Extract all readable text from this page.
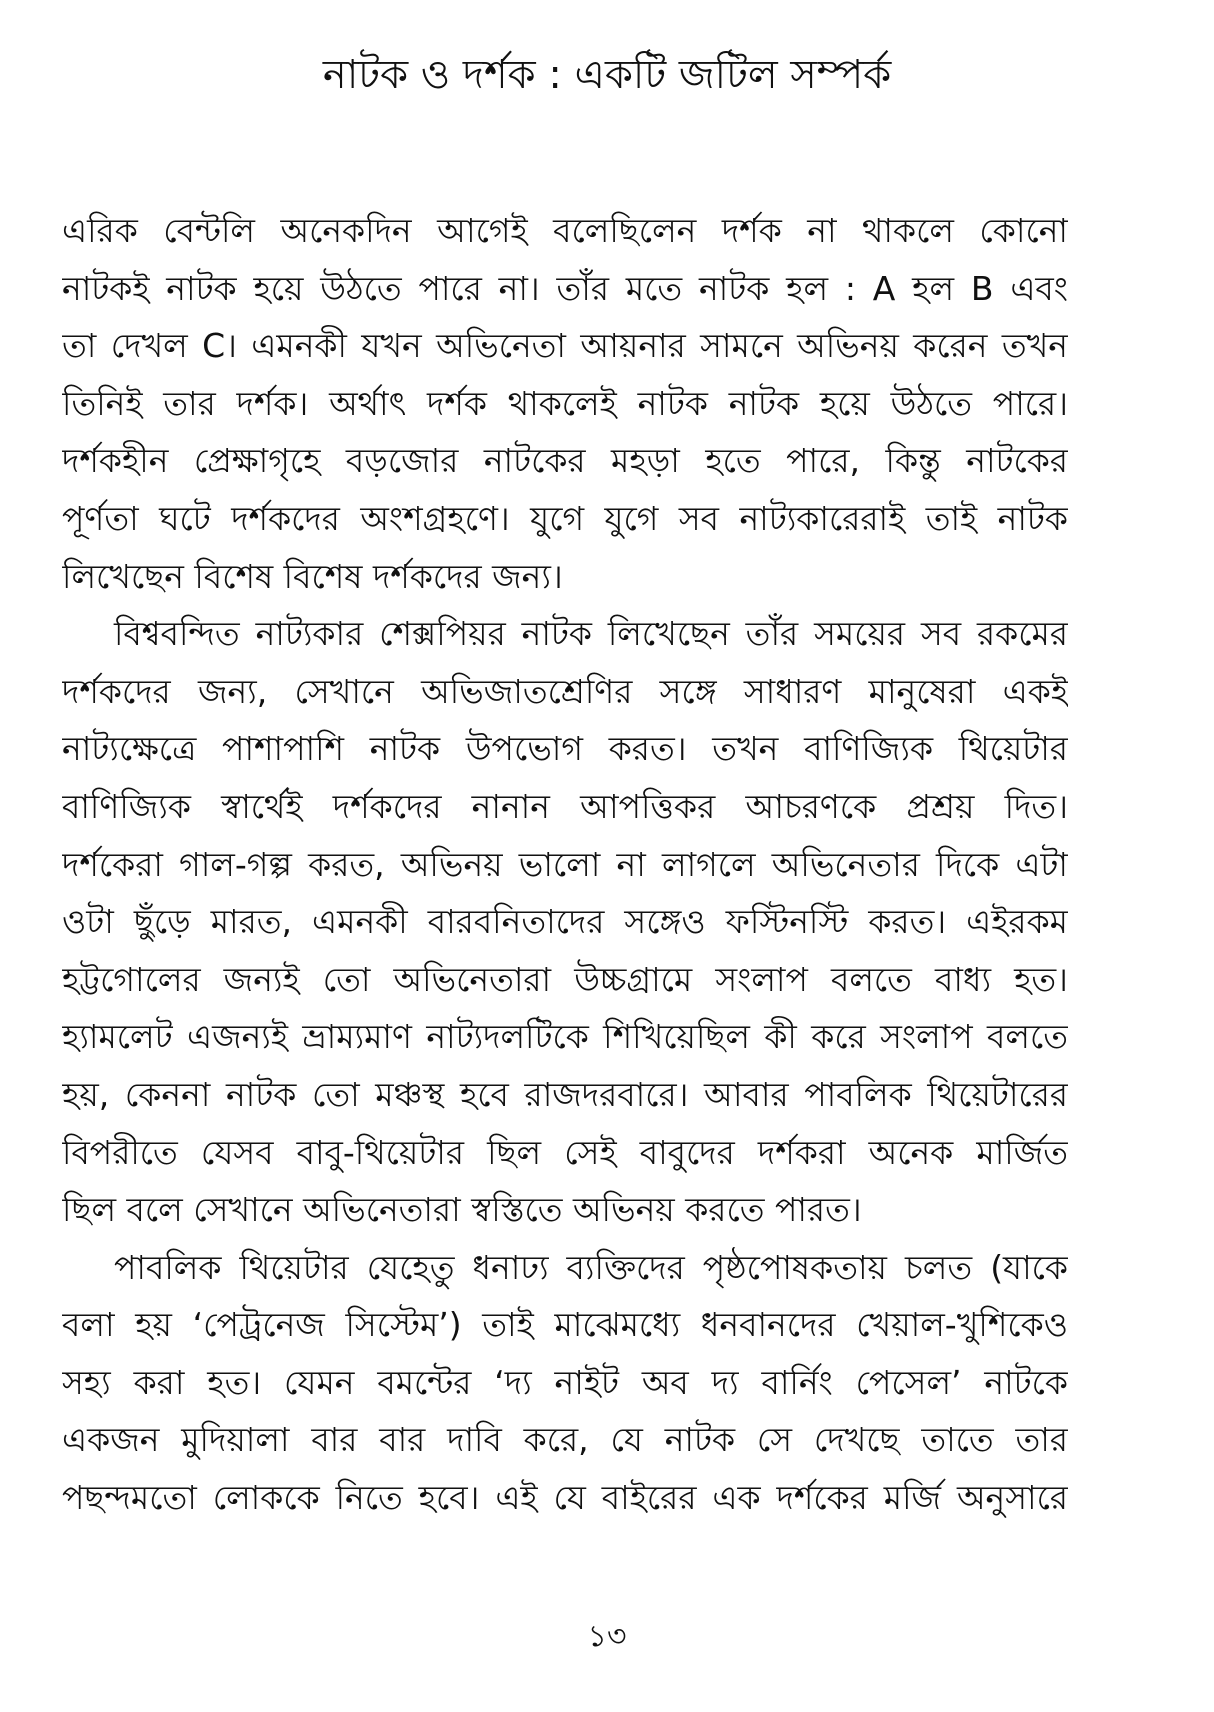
নাটক ও দর্শক : একটি জটিল সম্পর্ক
এরিক বেন্টলি অনেকদিন আগেই বলেছিলেন দর্শক না থাকলে কোনো
নাটকই নাটক হয়ে উঠতে পারে না। তাঁর মতে নাটক হল : A হল B এবং
তা দেখল C। এমনকী যখন অভিনেতা আয়নার সামনে অভিনয় করেন তখন
তিনিই তার দর্শক। অর্থাৎ দর্শক থাকলেই নাটক নাটক হয়ে উঠতে পারে।
দর্শকহীন প্রেক্ষাগৃহে বড়জোর নাটকের মহড়া হতে পারে, কিন্তু নাটকের
পূর্ণতা ঘটে দর্শকদের অংশগ্রহণে। যুগে যুগে সব নাট্যকারেরাই তাই নাটক
লিখেছেন বিশেষ বিশেষ দর্শকদের জন্য।
বিশ্ববন্দিত নাট্যকার শেক্সপিয়র নাটক লিখেছেন তাঁর সময়ের সব রকমের
দর্শকদের জন্য, সেখানে অভিজাতশ্রেণির সঙ্গে সাধারণ মানুষেরা একই
নাট্যক্ষেত্রে পাশাপাশি নাটক উপভোগ করত। তখন বাণিজ্যিক থিয়েটার
বাণিজ্যিক স্বার্থেই দর্শকদের নানান আপত্তিকর আচরণকে প্রশ্রয় দিত।
দর্শকেরা গাল-গল্প করত, অভিনয় ভালো না লাগলে অভিনেতার দিকে এটা
ওটা ছুঁড়ে মারত, এমনকী বারবনিতাদের সঙ্গেও ফস্টিনস্টি করত। এইরকম
হট্টগোলের জন্যই তো অভিনেতারা উচ্চগ্রামে সংলাপ বলতে বাধ্য হত।
হ্যামলেট এজন্যই ভ্রাম্যমাণ নাট্যদলটিকে শিখিয়েছিল কী করে সংলাপ বলতে
হয়, কেননা নাটক তো মঞ্চস্থ হবে রাজদরবারে। আবার পাবলিক থিয়েটারের
বিপরীতে যেসব বাবু-থিয়েটার ছিল সেই বাবুদের দর্শকরা অনেক মার্জিত
ছিল বলে সেখানে অভিনেতারা স্বস্তিতে অভিনয় করতে পারত।
পাবলিক থিয়েটার যেহেতু ধনাঢ্য ব্যক্তিদের পৃষ্ঠপোষকতায় চলত (যাকে
বলা হয় ‘পেট্রনেজ সিস্টেম’) তাই মাঝেমধ্যে ধনবানদের খেয়াল-খুশিকেও
সহ্য করা হত। যেমন বমন্টের ‘দ্য নাইট অব দ্য বার্নিং পেসেল’ নাটকে
একজন মুদিয়ালা বার বার দাবি করে, যে নাটক সে দেখছে তাতে তার
পছন্দমতো লোককে নিতে হবে। এই যে বাইরের এক দর্শকের মর্জি অনুসারে
১৩
